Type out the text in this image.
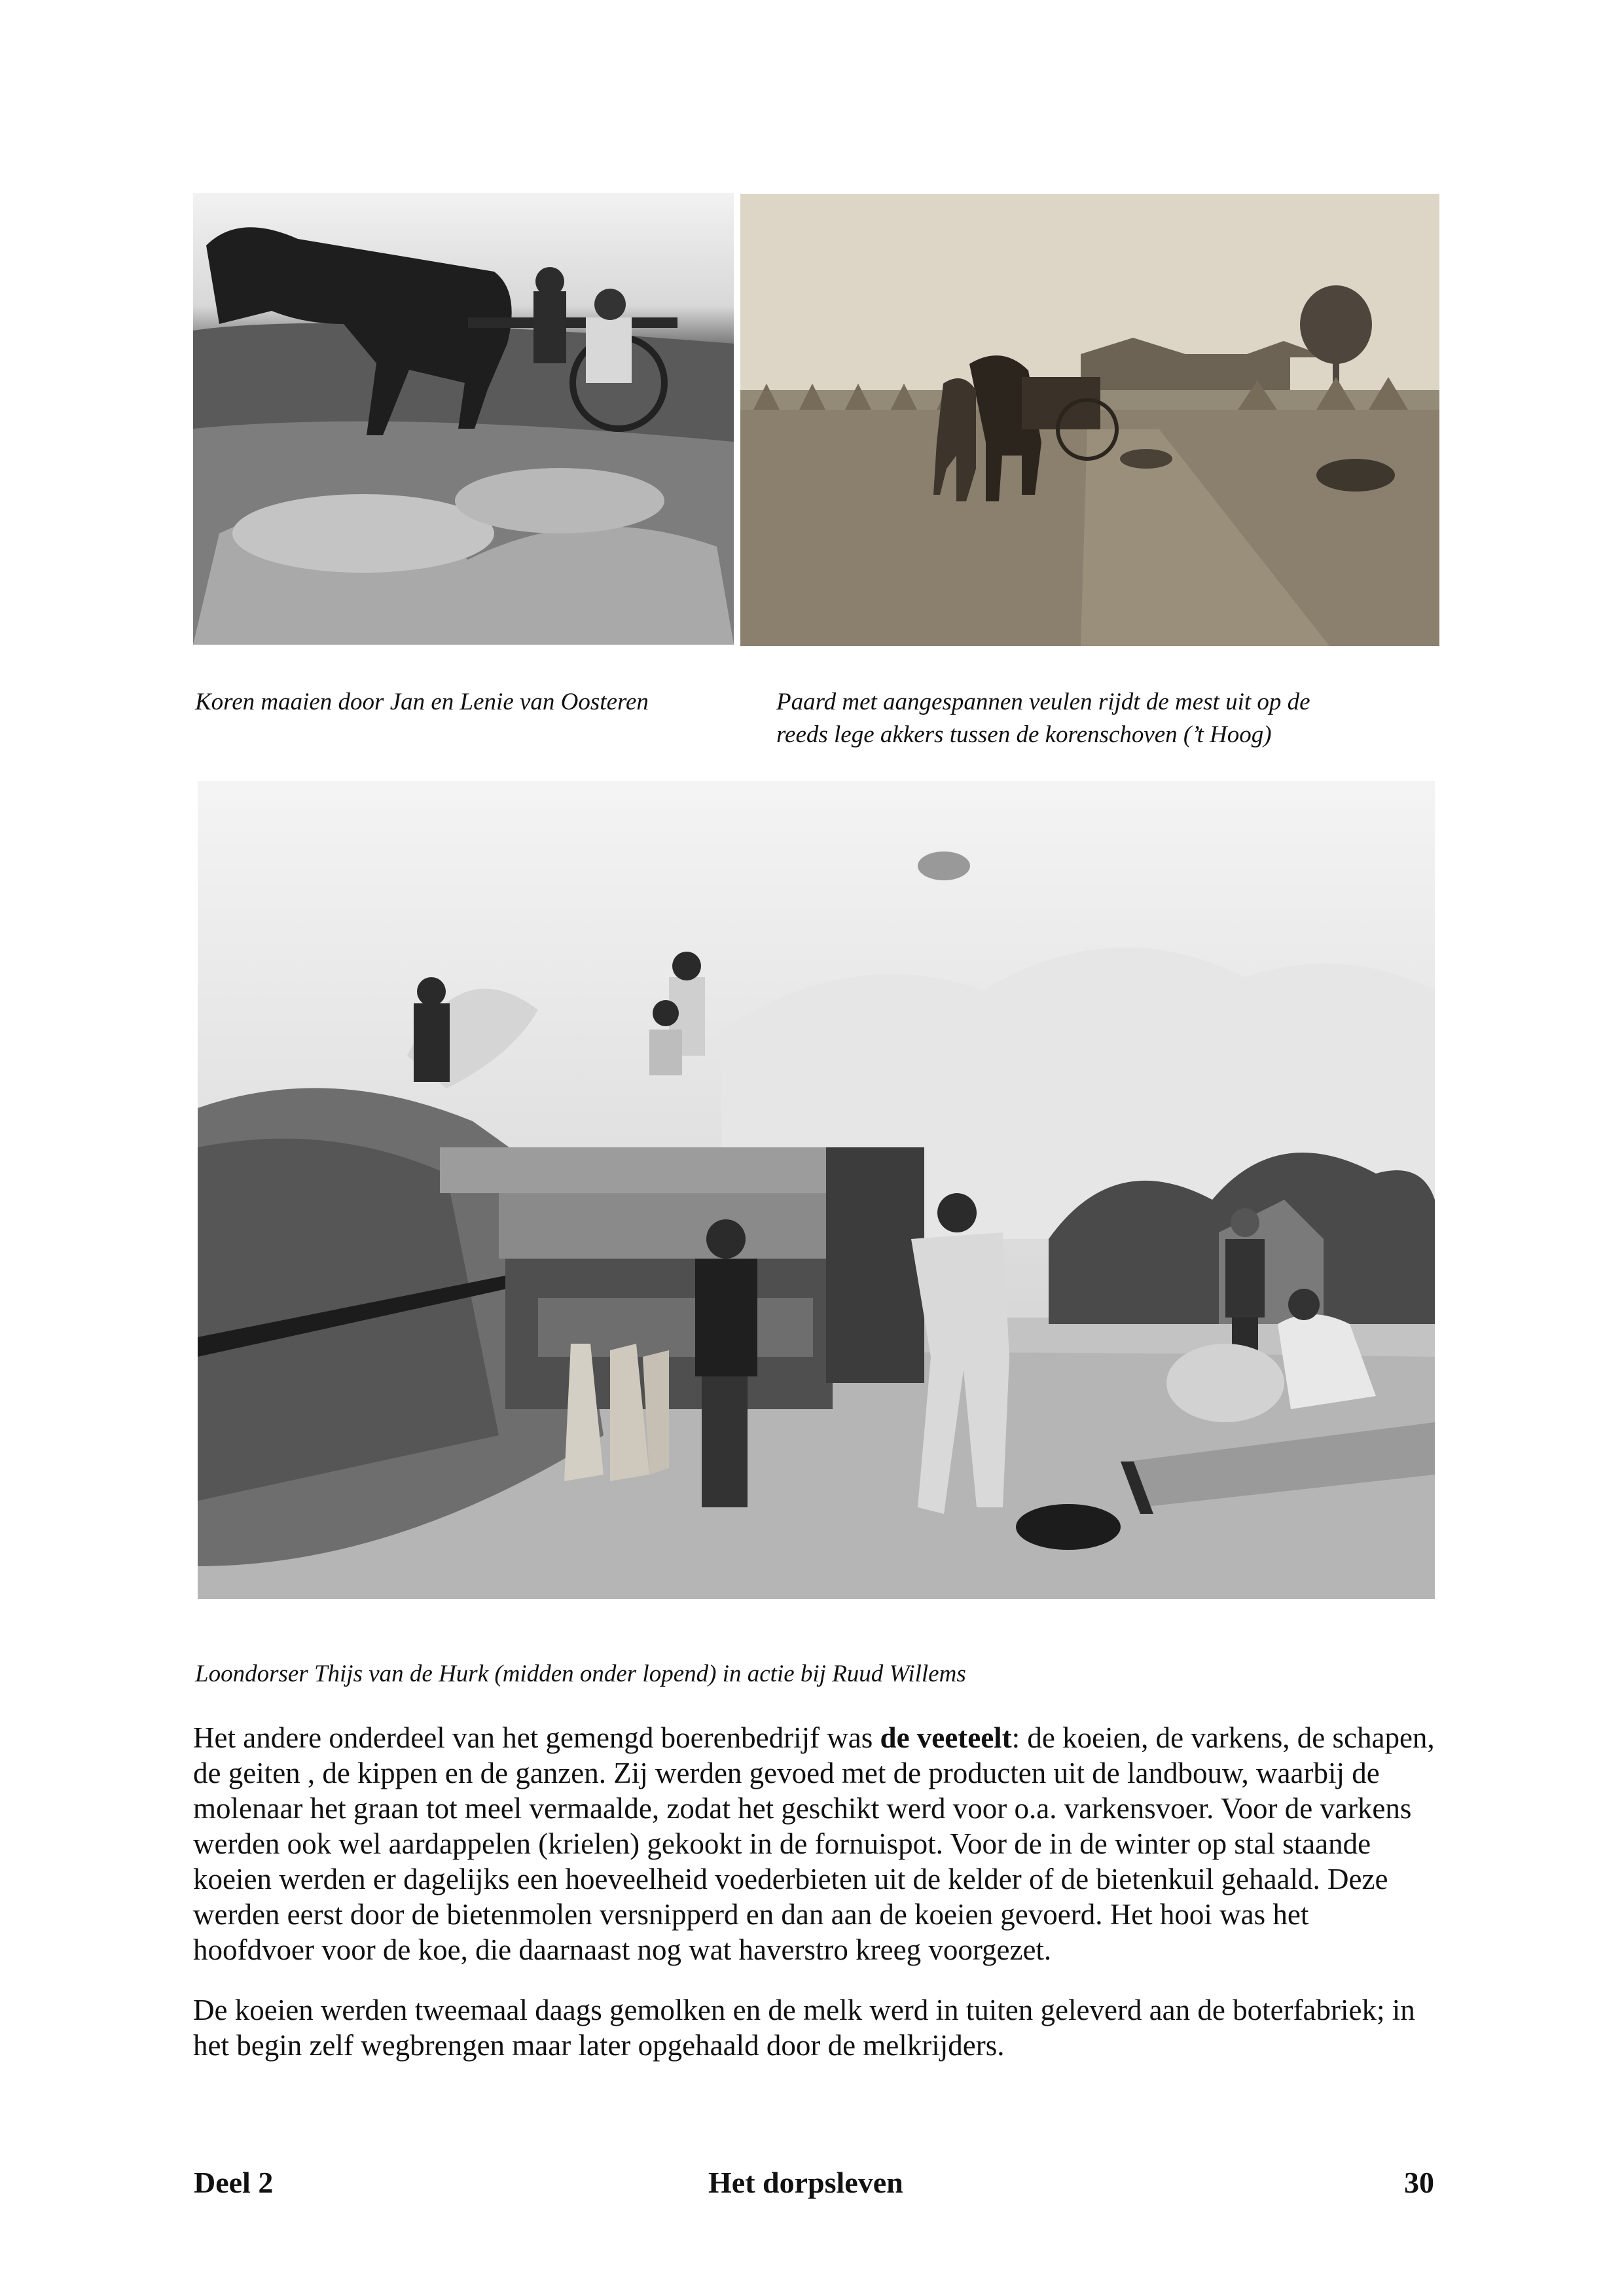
Koren maaien door Jan en Lenie van Oosteren	Paard met aangespannen veulen rijdt de mest uit op de
reeds lege akkers tussen de korenschoven (’t Hoog)
Loondorser Thijs van de Hurk (midden onder lopend) in actie bij Ruud Willems

Het andere onderdeel van het gemengd boerenbedrijf was de veeteelt: de koeien, de varkens, de schapen, de geiten , de kippen en de ganzen. Zij werden gevoed met de producten uit de landbouw, waarbij de molenaar het graan tot meel vermaalde, zodat het geschikt werd voor o.a. varkensvoer. Voor de varkens werden ook wel aardappelen (krielen) gekookt in de fornuispot. Voor de in de winter op stal staande koeien werden er dagelijks een hoeveelheid voederbieten uit de kelder of de bietenkuil gehaald. Deze werden eerst door de bietenmolen versnipperd en dan aan de koeien gevoerd. Het hooi was het hoofdvoer voor de koe, die daarnaast nog wat haverstro kreeg voorgezet.

De koeien werden tweemaal daags gemolken en de melk werd in tuiten geleverd aan de boterfabriek; in het begin zelf wegbrengen maar later opgehaald door de melkrijders.

Deel 2	Het dorpsleven	30
